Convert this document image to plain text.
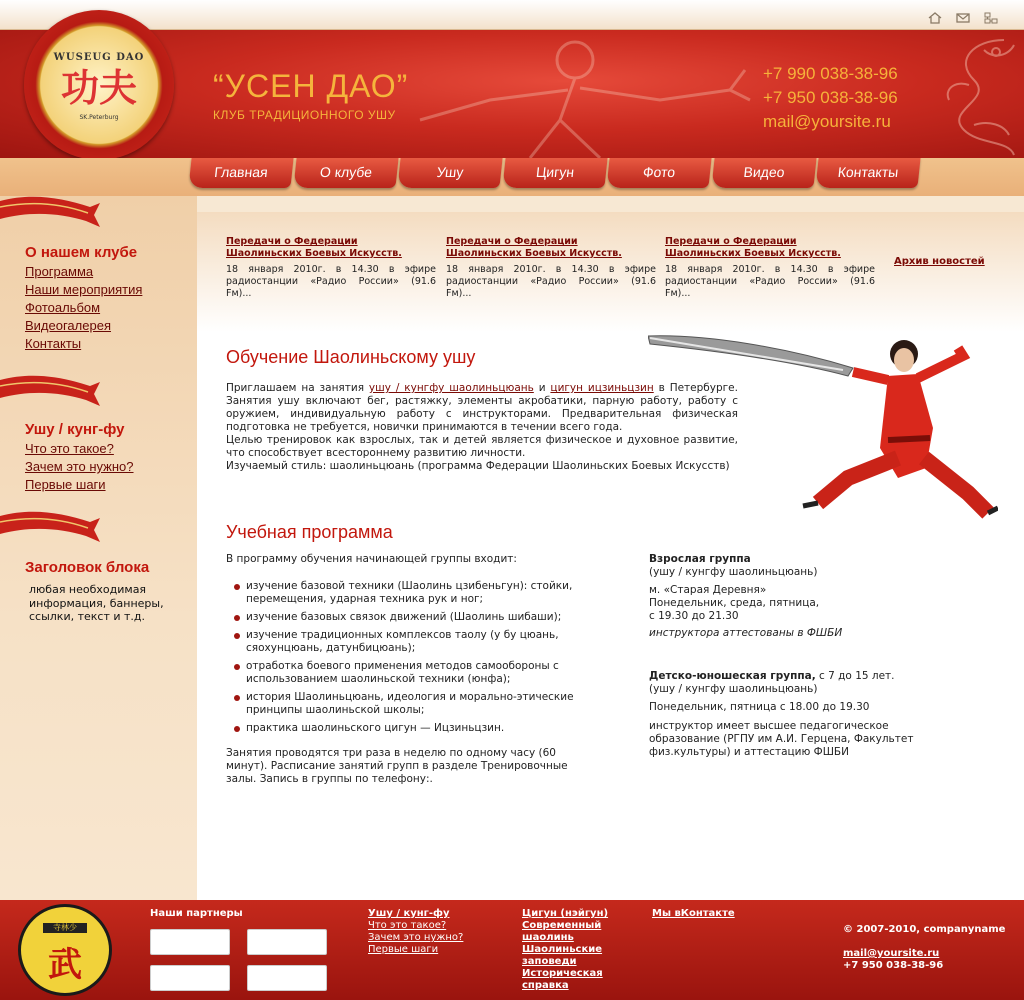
WUSEUG DAO
功夫
SK.Peterburg
“УСЕН ДАО”
КЛУБ ТРАДИЦИОННОГО УШУ
+7 990 038-38-96
+7 950 038-38-96
mail@yoursite.ru
Главная	О клубе	Ушу	Цигун	Фото	Видео	Контакты
О нашем клубе
Программа
Наши мероприятия
Фотоальбом
Видеогалерея
Контакты
Ушу / кунг-фу
Что это такое?
Зачем это нужно?
Первые шаги
Заголовок блока
любая необходимая информация, баннеры, ссылки, текст и т.д.
Передачи о Федерации Шаолиньских Боевых Искусств.
18 января 2010г. в 14.30 в эфире радиостанции «Радио России» (91.6 Fм)...
Передачи о Федерации Шаолиньских Боевых Искусств.
18 января 2010г. в 14.30 в эфире радиостанции «Радио России» (91.6 Fм)...
Передачи о Федерации Шаолиньских Боевых Искусств.
18 января 2010г. в 14.30 в эфире радиостанции «Радио России» (91.6 Fм)...
Архив новостей
Обучение Шаолиньскому ушу

Приглашаем на занятия ушу / кунгфу шаолиньцюань и цигун ицзиньцзин в Петербурге. Занятия ушу включают бег, растяжку, элементы акробатики, парную работу, работу с оружием, индивидуальную работу с инструкторами. Предварительная физическая подготовка не требуется, новички принимаются в течении всего года.

Целью тренировок как взрослых, так и детей является физическое и духовное развитие, что способствует всестороннему развитию личности.

Изучаемый стиль: шаолиньцюань (программа Федерации Шаолиньских Боевых Искусств)

Учебная программа

В программу обучения начинающей группы входит:

изучение базовой техники (Шаолинь цзибеньгун): стойки, перемещения, ударная техника рук и ног;
изучение базовых связок движений (Шаолинь шибаши);
изучение традиционных комплексов таолу (у бу цюань, сяохунцюань, датунбицюань);
отработка боевого применения методов самообороны с использованием шаолиньской техники (юнфа);
история Шаолиньцюань, идеология и морально-этические принципы шаолиньской школы;
практика шаолиньского цигун — Ицзиньцзин.

Занятия проводятся три раза в неделю по одному часу (60 минут). Расписание занятий групп в разделе Тренировочные залы. Запись в группы по телефону:.

Взрослая группа
(ушу / кунгфу шаолиньцюань)
м. «Старая Деревня»
Понедельник, среда, пятница,
с 19.30 до 21.30
инструктора аттестованы в ФШБИ
Детско-юношеская группа, с 7 до 15 лет.
(ушу / кунгфу шаолиньцюань)
Понедельник, пятница с 18.00 до 19.30
инструктор имеет высшее педагогическое образование (РГПУ им А.И. Герцена, Факультет физ.культуры) и аттестацию ФШБИ
寺林少
武
Наши партнеры	Ушу / кунг-фу
Что это такое?
Зачем это нужно?
Первые шаги
Цигун (нэйгун)
Современный шаолинь
Шаолиньские заповеди
Историческая справка
Мы вКонтакте
© 2007-2010, companyname
mail@yoursite.ru
+7 950 038-38-96
